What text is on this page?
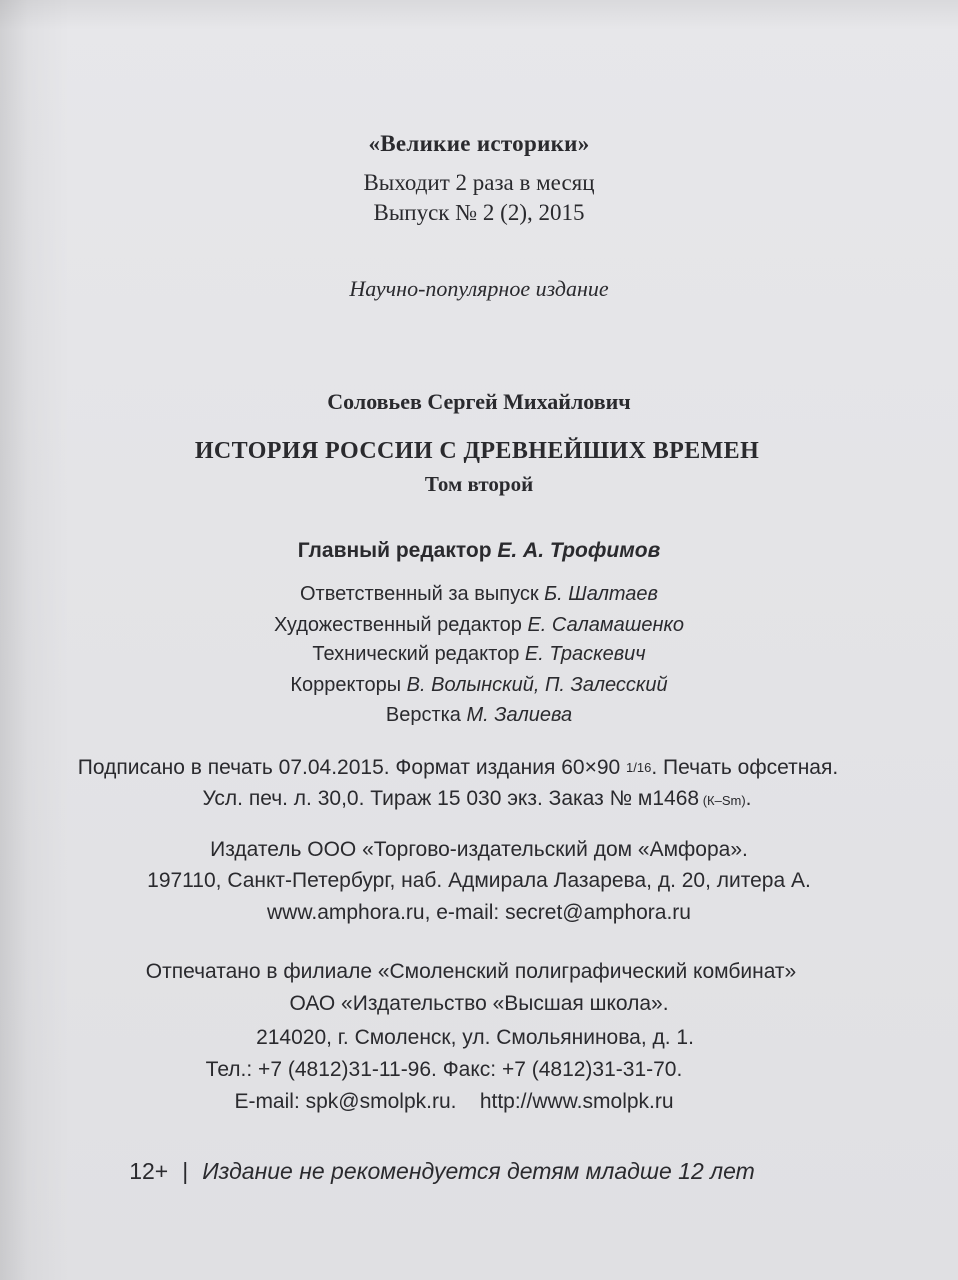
«Великие историки»
Выходит 2 раза в месяц
Выпуск № 2 (2), 2015
Научно-популярное издание
Соловьев Сергей Михайлович
ИСТОРИЯ РОССИИ С ДРЕВНЕЙШИХ ВРЕМЕН
Том второй
Главный редактор Е. А. Трофимов
Ответственный за выпуск Б. Шалтаев
Художественный редактор Е. Саламашенко
Технический редактор Е. Траскевич
Корректоры В. Волынский, П. Залесский
Верстка М. Залиева
Подписано в печать 07.04.2015. Формат издания 60×90 1/16. Печать офсетная.
Усл. печ. л. 30,0. Тираж 15 030 экз. Заказ № м1468 (К–Sm).
Издатель ООО «Торгово-издательский дом «Амфора».
197110, Санкт-Петербург, наб. Адмирала Лазарева, д. 20, литера А.
www.amphora.ru, e-mail: secret@amphora.ru
Отпечатано в филиале «Смоленский полиграфический комбинат»
ОАО «Издательство «Высшая школа».
214020, г. Смоленск, ул. Смольянинова, д. 1.
Тел.: +7 (4812)31-11-96. Факс: +7 (4812)31-31-70.
E-mail: spk@smolpk.ru. http://www.smolpk.ru
12+ | Издание не рекомендуется детям младше 12 лет
